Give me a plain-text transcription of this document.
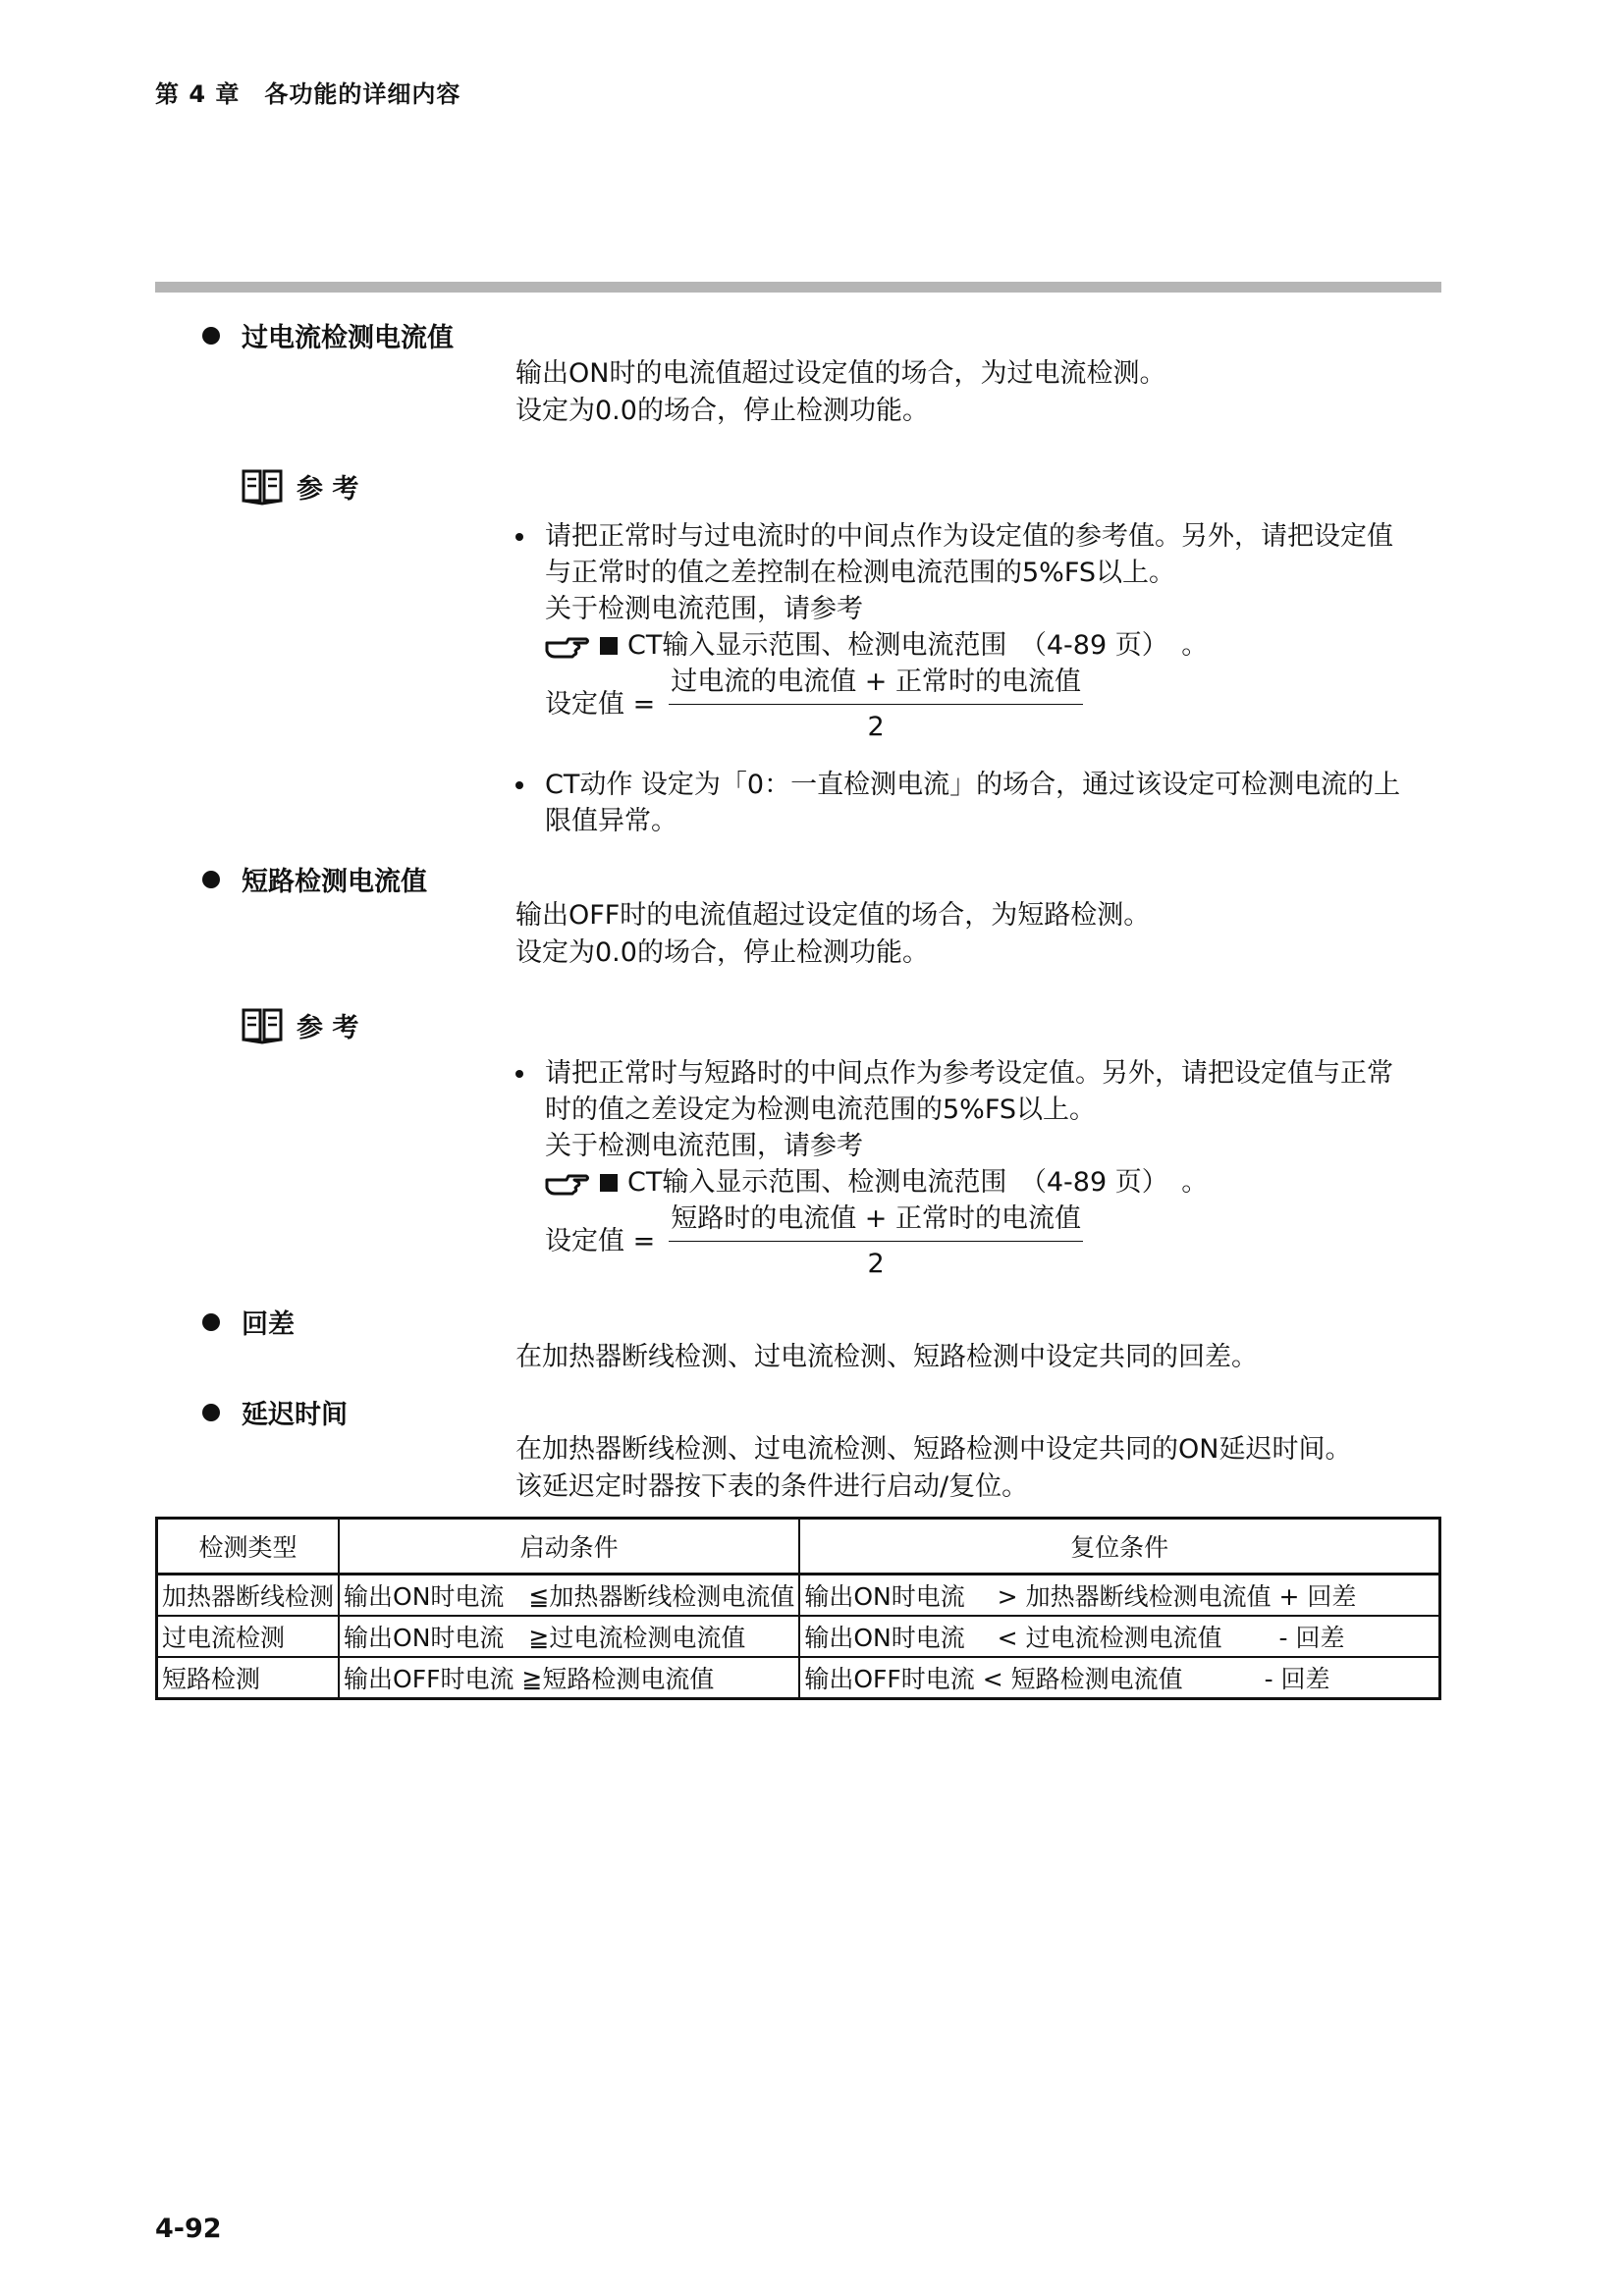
第 4 章　各功能的详细内容
过电流检测电流值
输出ON时的电流值超过设定值的场合，为过电流检测。
设定为0.0的场合，停止检测功能。
参 考
请把正常时与过电流时的中间点作为设定值的参考值。另外，请把设定值
与正常时的值之差控制在检测电流范围的5%FS以上。
关于检测电流范围，请参考
CT输入显示范围、检测电流范围　（4-89 页）　。
设定值 = $\frac{\text{过电流的电流值 + 正常时的电流值}}{2}$
CT动作 设定为「0：一直检测电流」的场合，通过该设定可检测电流的上
限值异常。
短路检测电流值
输出OFF时的电流值超过设定值的场合，为短路检测。
设定为0.0的场合，停止检测功能。
参 考
请把正常时与短路时的中间点作为参考设定值。另外，请把设定值与正常
时的值之差设定为检测电流范围的5%FS以上。
关于检测电流范围，请参考
CT输入显示范围、检测电流范围　（4-89 页）　。
设定值 = $\frac{\text{短路时的电流值 + 正常时的电流值}}{2}$
回差
在加热器断线检测、过电流检测、短路检测中设定共同的回差。
延迟时间
在加热器断线检测、过电流检测、短路检测中设定共同的ON延迟时间。
该延迟定时器按下表的条件进行启动/复位。
检测类型	启动条件	复位条件
加热器断线检测	输出ON时电流　≦加热器断线检测电流值	输出ON时电流　 > 加热器断线检测电流值 + 回差
过电流检测	输出ON时电流　≧过电流检测电流值	输出ON时电流　 < 过电流检测电流值　　 - 回差
短路检测	输出OFF时电流 ≧短路检测电流值	输出OFF时电流 < 短路检测电流值　　　 - 回差
4-92
